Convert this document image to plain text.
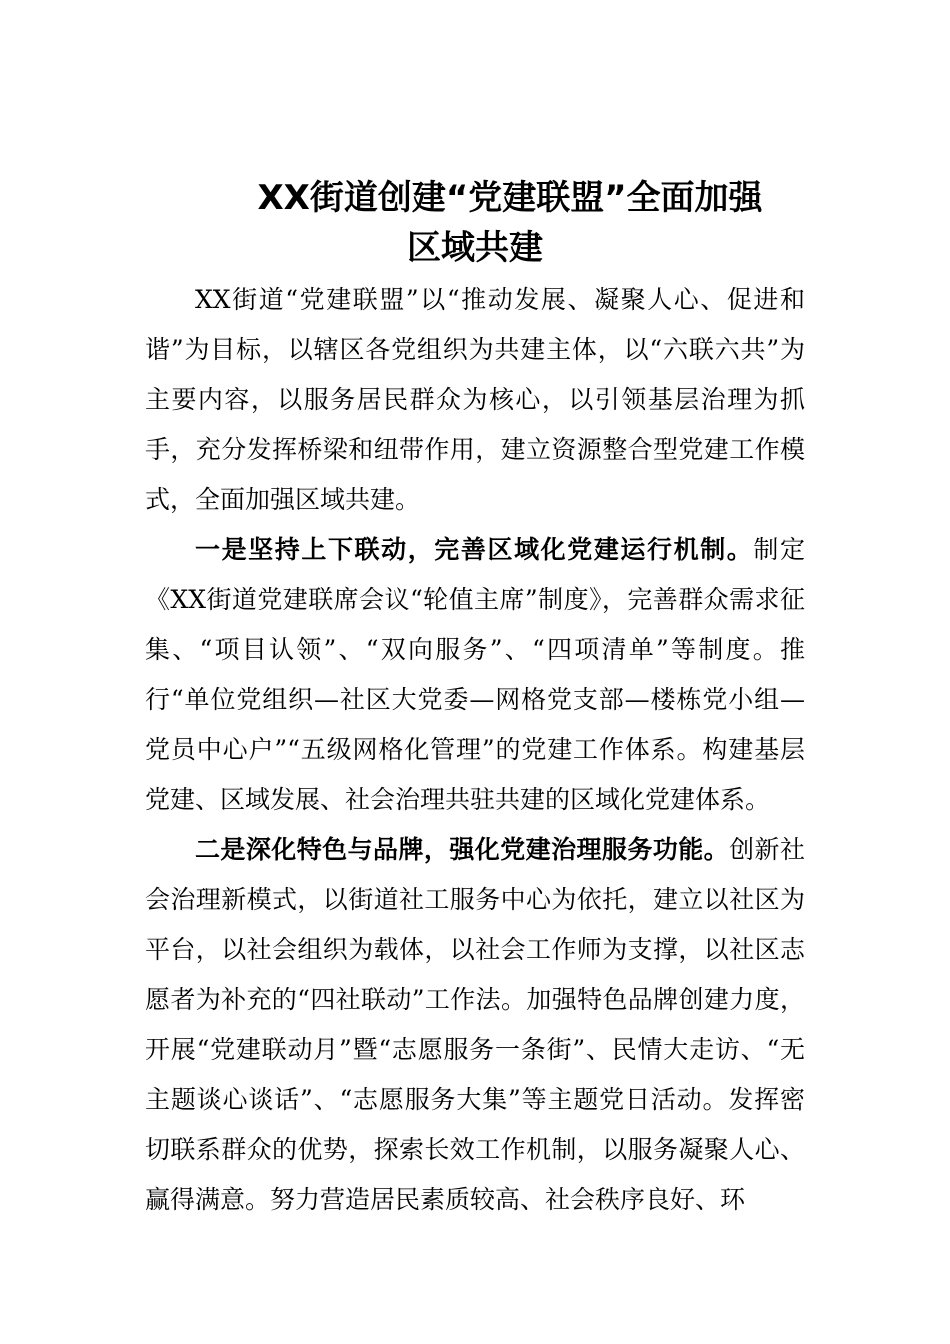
XX街道创建“党建联盟”全面加强
区域共建

XX街道“党建联盟”以“推动发展、凝聚人心、促进和谐”为目标，以辖区各党组织为共建主体，以“六联六共”为主要内容，以服务居民群众为核心，以引领基层治理为抓手，充分发挥桥梁和纽带作用，建立资源整合型党建工作模式，全面加强区域共建。

一是坚持上下联动，完善区域化党建运行机制。制定《XX街道党建联席会议“轮值主席”制度》，完善群众需求征集、“项目认领”、“双向服务”、“四项清单”等制度。推行“单位党组织—社区大党委—网格党支部—楼栋党小组—党员中心户”“五级网格化管理”的党建工作体系。构建基层党建、区域发展、社会治理共驻共建的区域化党建体系。

二是深化特色与品牌，强化党建治理服务功能。创新社会治理新模式，以街道社工服务中心为依托，建立以社区为平台，以社会组织为载体，以社会工作师为支撑，以社区志愿者为补充的“四社联动”工作法。加强特色品牌创建力度，开展“党建联动月”暨“志愿服务一条街”、民情大走访、“无主题谈心谈话”、“志愿服务大集”等主题党日活动。发挥密切联系群众的优势，探索长效工作机制，以服务凝聚人心、赢得满意。努力营造居民素质较高、社会秩序良好、环
